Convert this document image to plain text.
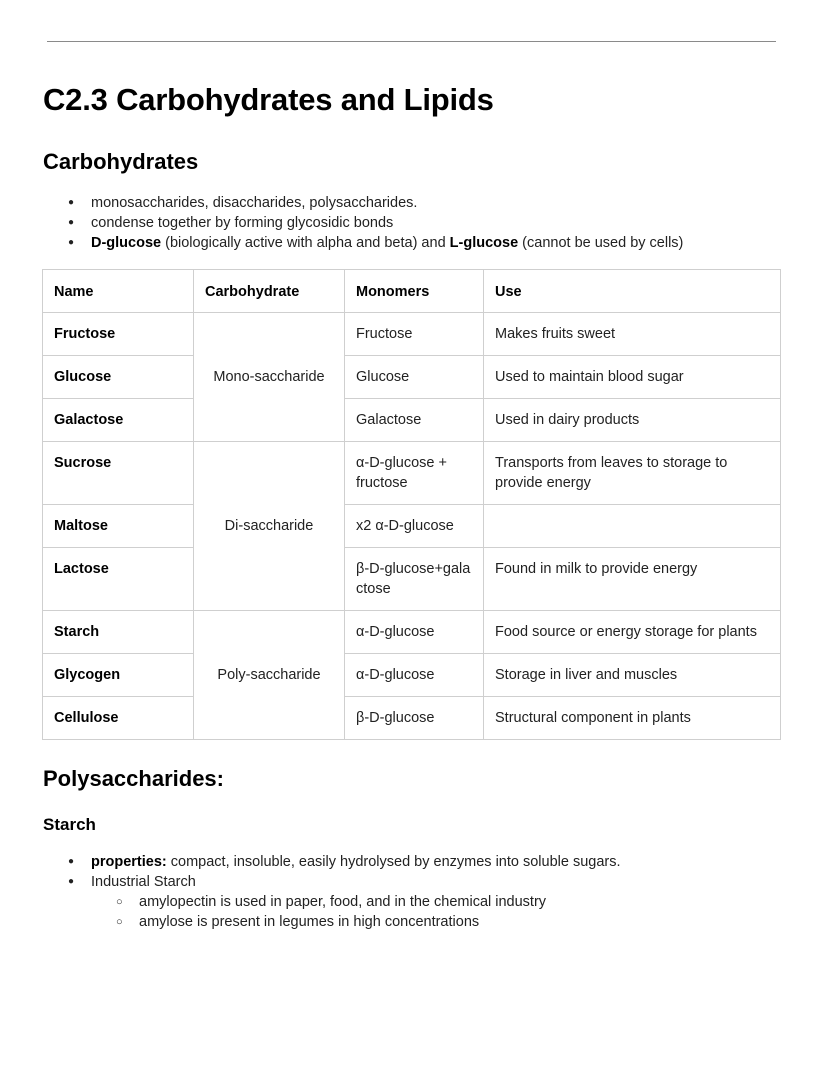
C2.3 Carbohydrates and Lipids
Carbohydrates
● monosaccharides, disaccharides, polysaccharides.
● condense together by forming glycosidic bonds
● D-glucose (biologically active with alpha and beta) and L-glucose (cannot be used by cells)
Name	Carbohydrate	Monomers	Use
Fructose	Mono-saccharide	Fructose	Makes fruits sweet
Glucose		Glucose	Used to maintain blood sugar
Galactose		Galactose	Used in dairy products
Sucrose	Di-saccharide	α-D-glucose + fructose	Transports from leaves to storage to provide energy
Maltose		x2 α-D-glucose	
Lactose		β-D-glucose+galactose	Found in milk to provide energy
Starch	Poly-saccharide	α-D-glucose	Food source or energy storage for plants
Glycogen		α-D-glucose	Storage in liver and muscles
Cellulose		β-D-glucose	Structural component in plants
Polysaccharides:
Starch
● properties: compact, insoluble, easily hydrolysed by enzymes into soluble sugars.
● Industrial Starch
○ amylopectin is used in paper, food, and in the chemical industry
○ amylose is present in legumes in high concentrations
